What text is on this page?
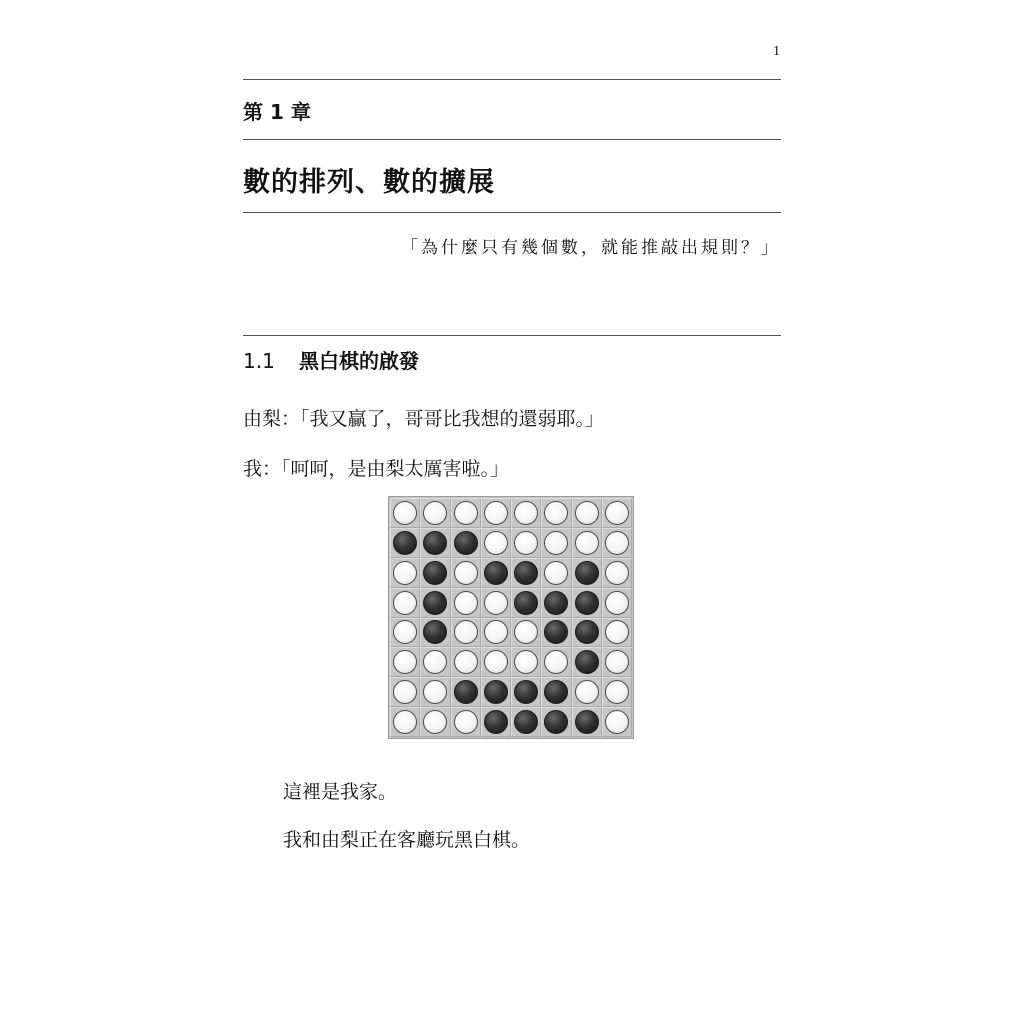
1
第 1 章
數的排列、數的擴展
「為什麼只有幾個數，就能推敲出規則？」
1.1 黑白棋的啟發
由梨：「我又贏了，哥哥比我想的還弱耶。」
我：「呵呵，是由梨太厲害啦。」
這裡是我家。
我和由梨正在客廳玩黑白棋。
